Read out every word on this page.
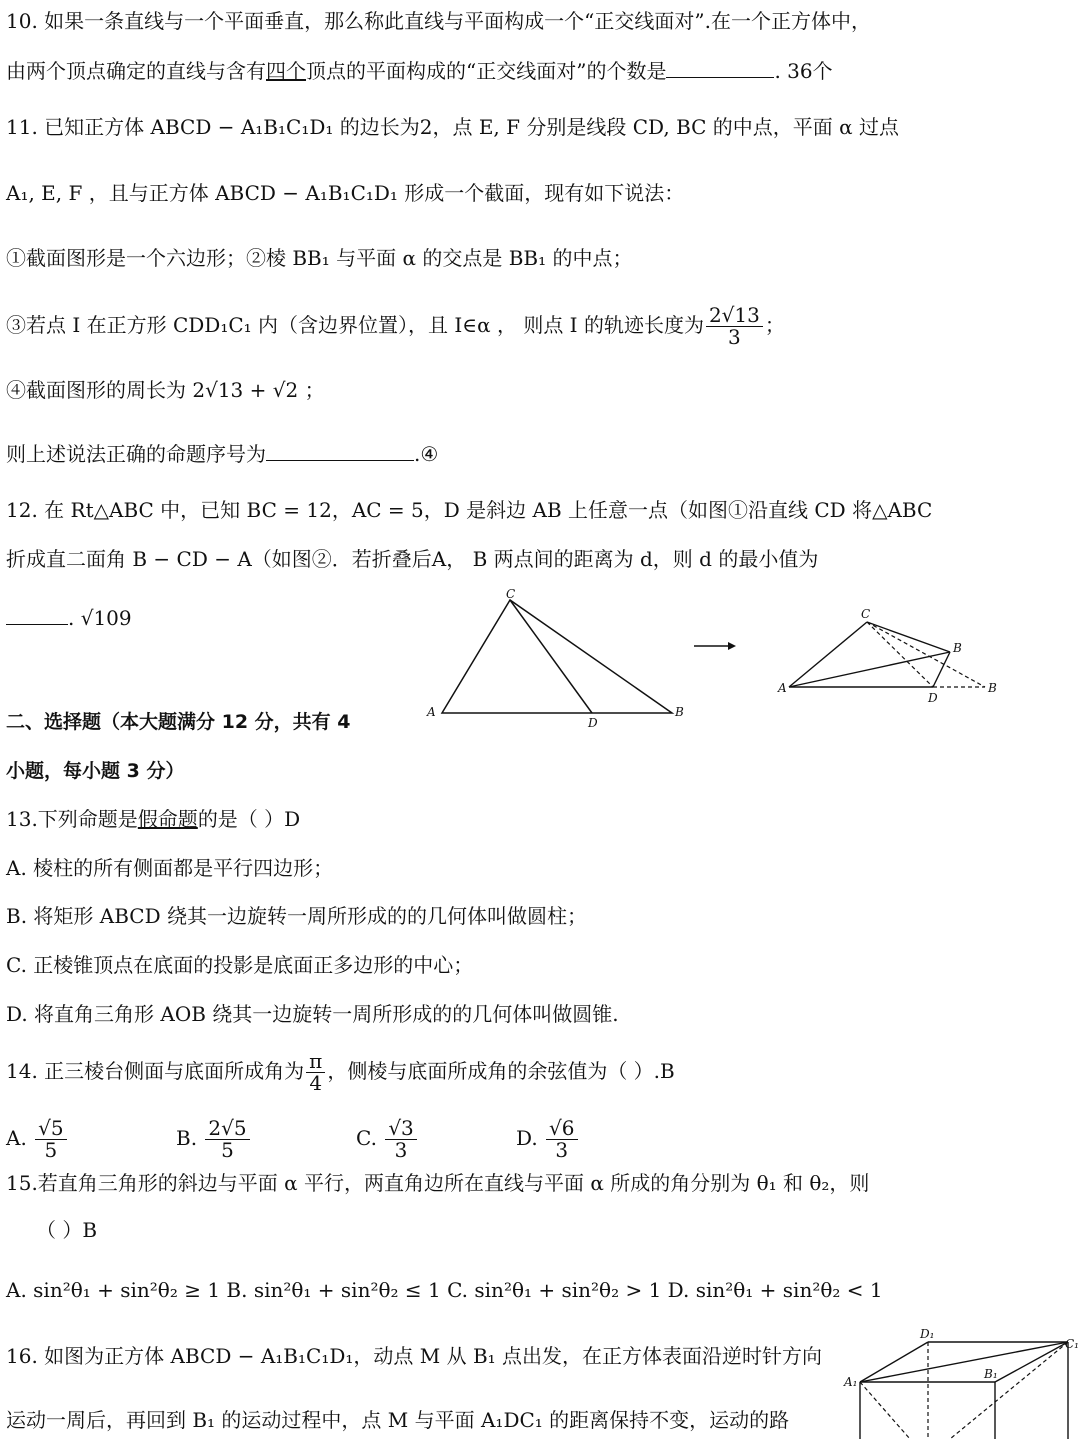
10. 如果一条直线与一个平面垂直，那么称此直线与平面构成一个“正交线面对”.在一个正方体中，
由两个顶点确定的直线与含有四个顶点的平面构成的“正交线面对”的个数是	. 36个
11. 已知正方体 ABCD − A₁B₁C₁D₁ 的边长为2，点 E, F 分别是线段 CD, BC 的中点，平面 α 过点
A₁, E, F ，且与正方体 ABCD − A₁B₁C₁D₁ 形成一个截面，现有如下说法：
①截面图形是一个六边形；②棱 BB₁ 与平面 α 的交点是 BB₁ 的中点；
③若点 I 在正方形 CDD₁C₁ 内（含边界位置），且 I∈α ， 则点 I 的轨迹长度为 $\frac{2√13}{3}$ ；
④截面图形的周长为 2√13 + √2 ；
则上述说法正确的命题序号为	.④
12. 在 Rt△ABC 中，已知 BC = 12，AC = 5，D 是斜边 AB 上任意一点（如图①沿直线 CD 将△ABC
折成直二面角 B − CD − A（如图②．若折叠后A， B 两点间的距离为 d，则 d 的最小值为
. √109
C
A
D
B
C
A
D
B
B
二、选择题（本大题满分 12 分，共有 4
小题，每小题 3 分）
13.下列命题是假命题的是（ ）D
A. 棱柱的所有侧面都是平行四边形；
B. 将矩形 ABCD 绕其一边旋转一周所形成的的几何体叫做圆柱；
C. 正棱锥顶点在底面的投影是底面正多边形的中心；
D. 将直角三角形 AOB 绕其一边旋转一周所形成的的几何体叫做圆锥.
14. 正三棱台侧面与底面所成角为 $\frac{\pi}{4}$ ，侧棱与底面所成角的余弦值为（ ）.B
A. $\frac{√5}{5}$	B. $\frac{2√5}{5}$	C. $\frac{√3}{3}$	D. $\frac{√6}{3}$
15.若直角三角形的斜边与平面 α 平行，两直角边所在直线与平面 α 所成的角分别为 θ₁ 和 θ₂，则
（ ）B
A. sin²θ₁ + sin²θ₂ ≥ 1 B. sin²θ₁ + sin²θ₂ ≤ 1 C. sin²θ₁ + sin²θ₂ > 1 D. sin²θ₁ + sin²θ₂ < 1
16. 如图为正方体 ABCD − A₁B₁C₁D₁，动点 M 从 B₁ 点出发，在正方体表面沿逆时针方向
运动一周后，再回到 B₁ 的运动过程中，点 M 与平面 A₁DC₁ 的距离保持不变，运动的路
D₁
C₁
A₁
B₁
